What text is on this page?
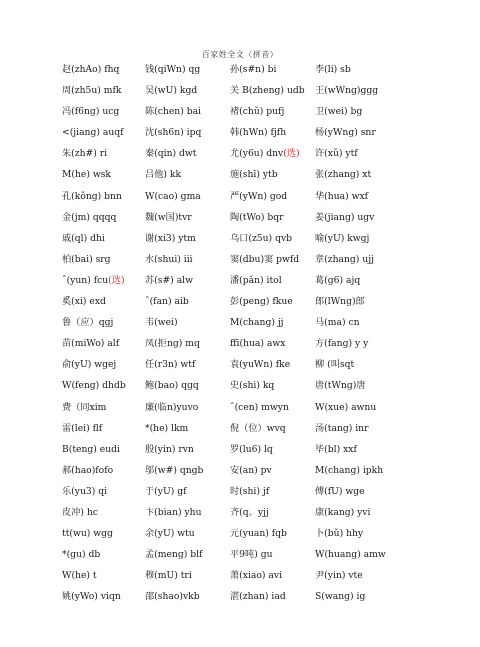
百家姓全文（拼音）
赵(zhAo) fhq	钱(qiWn) qg	孙(s#n) bi	李(li) sb
周(zh5u) mfk	吴(wU) kgd	关 B(zheng) udb	王(wWng)ggg
冯(f6ng) ucg	陈(chen) bai	褚(chǔ) pufj	卫(wei) bg
<(jiang) auqf	沈(sh6n) ipq	韩(hWn) fjfh	杨(yWng) snr
朱(zh#) ri	秦(qin) dwt	尤(y6u) dnv(选)	许(xǔ) ytf
M(he) wsk	吕他) kk	施(shī) ytb	张(zhang) xt
孔(kǒng) bnn	W(cao) gma	严(yWn) god	华(hua) wxf
金(jm) qqqq	魏(w国)tvr	陶(tWo) bqr	姜(jiang) ugv
戚(ql) dhi	谢(xi3) ytm	乌口(z5u) qvb	喻(yU) kwgj
柏(bai) srg	水(shui) iii	窦(dbu)窦 pwfd	章(zhang) ujj
ˆ(yun) fcu(选)	苏(s#) alw	潘(pǎn) itol	葛(g6) ajq
奚(xi) exd	ˆ(fan) aib	彭(peng) fkue	郎(lWng)郎
鲁（应）qgj	韦(wei)	M(chang) jj	马(ma) cn
苗(miWo) alf	凤(拒ng) mq	ffi(hua) awx	方(fang) y y
俞(yU) wgej	任(r3n) wtf	袁(yuWn) fke	柳 (叫sqt
W(feng) dhdb	鲍(bao) qgq	史(shi) kq	唐(tWng)唐
费（同xim	廉(临n)yuvo	ˆ(cen) mwyn	W(xue) awnu
雷(lei) flf	*(he) lkm	倪（位）wvq	汤(tang) inr
B(teng) eudi	殷(yin) rvn	罗(lu6) lq	毕(bl) xxf
郝(hao)fofo	邬(w#) qngb	安(an) pv	M(chang) ipkh
乐(yu3) qi	于(yU) gf	时(shi) jf	傅(fU) wge
皮冲) hc	卞(bian) yhu	齐(q。yjj	康(kang) yvi
tt(wu) wgg	余(yU) wtu	元(yuan) fqb	卜(bǔ) hhy
*(gu) db	孟(meng) blf	平9吨) gu	W(huang) amw
W(he) t	穆(mU) tri	萧(xiao) avi	尹(yin) vte
姚(yWo) viqn	邵(shao)vkb	湛(zhan) iad	S(wang) ig
